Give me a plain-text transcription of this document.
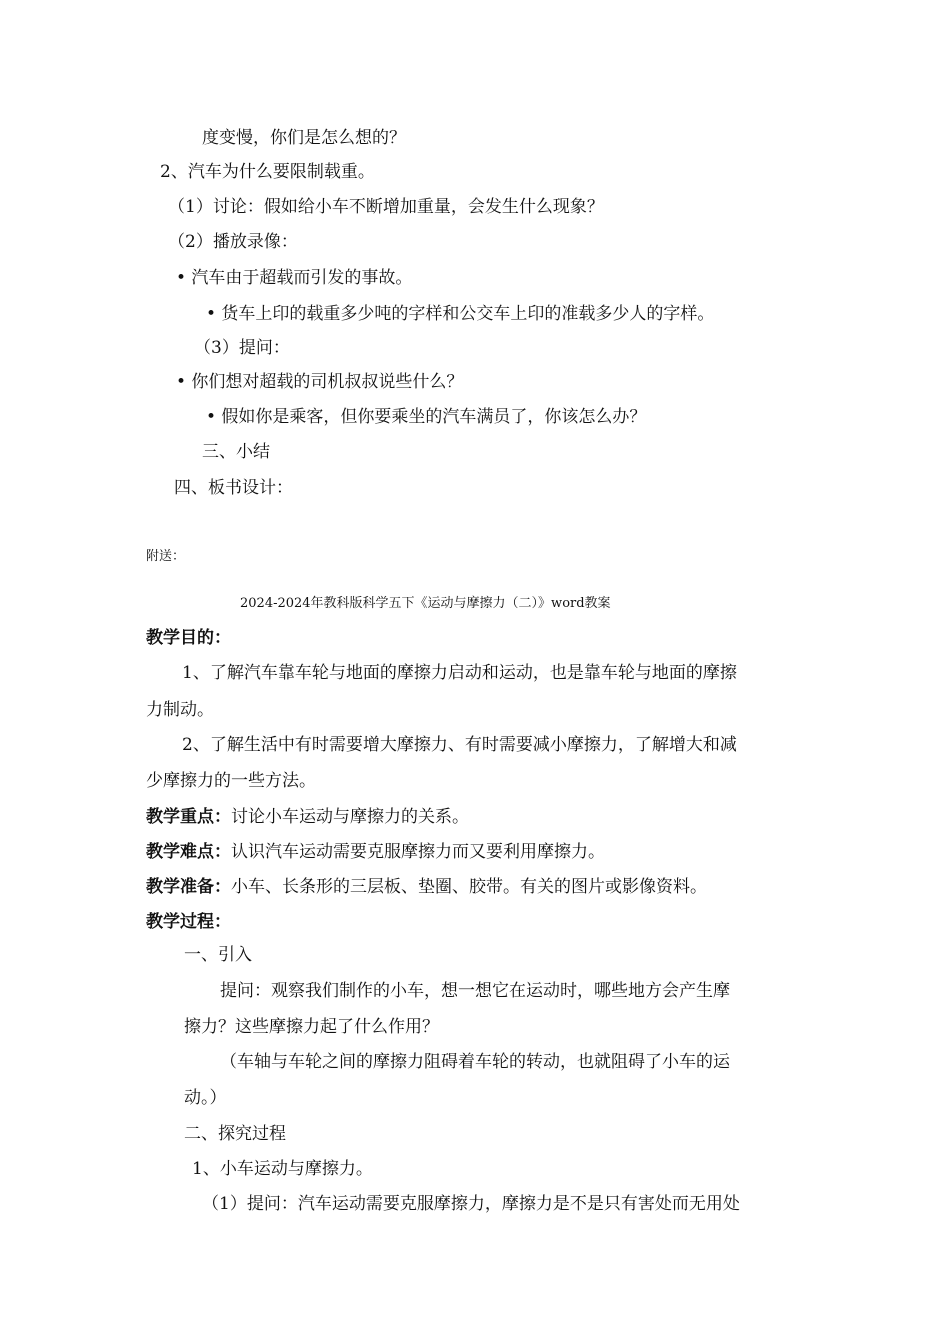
度变慢，你们是怎么想的？
2、汽车为什么要限制载重。
（1）讨论：假如给小车不断增加重量，会发生什么现象？
（2）播放录像：
• 汽车由于超载而引发的事故。
• 货车上印的载重多少吨的字样和公交车上印的准载多少人的字样。
（3）提问：
• 你们想对超载的司机叔叔说些什么？
• 假如你是乘客，但你要乘坐的汽车满员了，你该怎么办？
三、小结
四、板书设计：
附送：
2024-2024年教科版科学五下《运动与摩擦力（二）》word教案
教学目的：
1、了解汽车靠车轮与地面的摩擦力启动和运动，也是靠车轮与地面的摩擦
力制动。
2、了解生活中有时需要增大摩擦力、有时需要减小摩擦力，了解增大和减
少摩擦力的一些方法。
教学重点：讨论小车运动与摩擦力的关系。
教学难点：认识汽车运动需要克服摩擦力而又要利用摩擦力。
教学准备：小车、长条形的三层板、垫圈、胶带。有关的图片或影像资料。
教学过程：
一、引入
提问：观察我们制作的小车，想一想它在运动时，哪些地方会产生摩
擦力？这些摩擦力起了什么作用？
（车轴与车轮之间的摩擦力阻碍着车轮的转动，也就阻碍了小车的运
动。）
二、探究过程
1、小车运动与摩擦力。
（1）提问：汽车运动需要克服摩擦力，摩擦力是不是只有害处而无用处
